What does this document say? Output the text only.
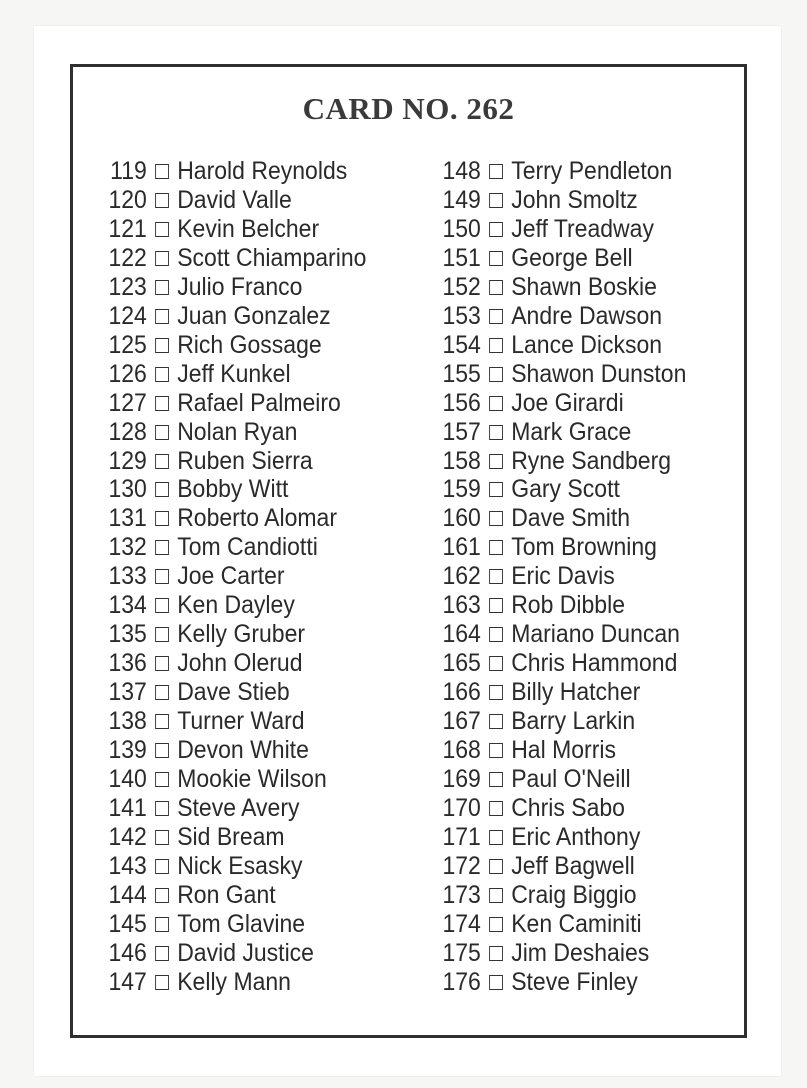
CARD NO. 262
119 Harold Reynolds
120 David Valle
121 Kevin Belcher
122 Scott Chiamparino
123 Julio Franco
124 Juan Gonzalez
125 Rich Gossage
126 Jeff Kunkel
127 Rafael Palmeiro
128 Nolan Ryan
129 Ruben Sierra
130 Bobby Witt
131 Roberto Alomar
132 Tom Candiotti
133 Joe Carter
134 Ken Dayley
135 Kelly Gruber
136 John Olerud
137 Dave Stieb
138 Turner Ward
139 Devon White
140 Mookie Wilson
141 Steve Avery
142 Sid Bream
143 Nick Esasky
144 Ron Gant
145 Tom Glavine
146 David Justice
147 Kelly Mann
148 Terry Pendleton
149 John Smoltz
150 Jeff Treadway
151 George Bell
152 Shawn Boskie
153 Andre Dawson
154 Lance Dickson
155 Shawon Dunston
156 Joe Girardi
157 Mark Grace
158 Ryne Sandberg
159 Gary Scott
160 Dave Smith
161 Tom Browning
162 Eric Davis
163 Rob Dibble
164 Mariano Duncan
165 Chris Hammond
166 Billy Hatcher
167 Barry Larkin
168 Hal Morris
169 Paul O'Neill
170 Chris Sabo
171 Eric Anthony
172 Jeff Bagwell
173 Craig Biggio
174 Ken Caminiti
175 Jim Deshaies
176 Steve Finley
